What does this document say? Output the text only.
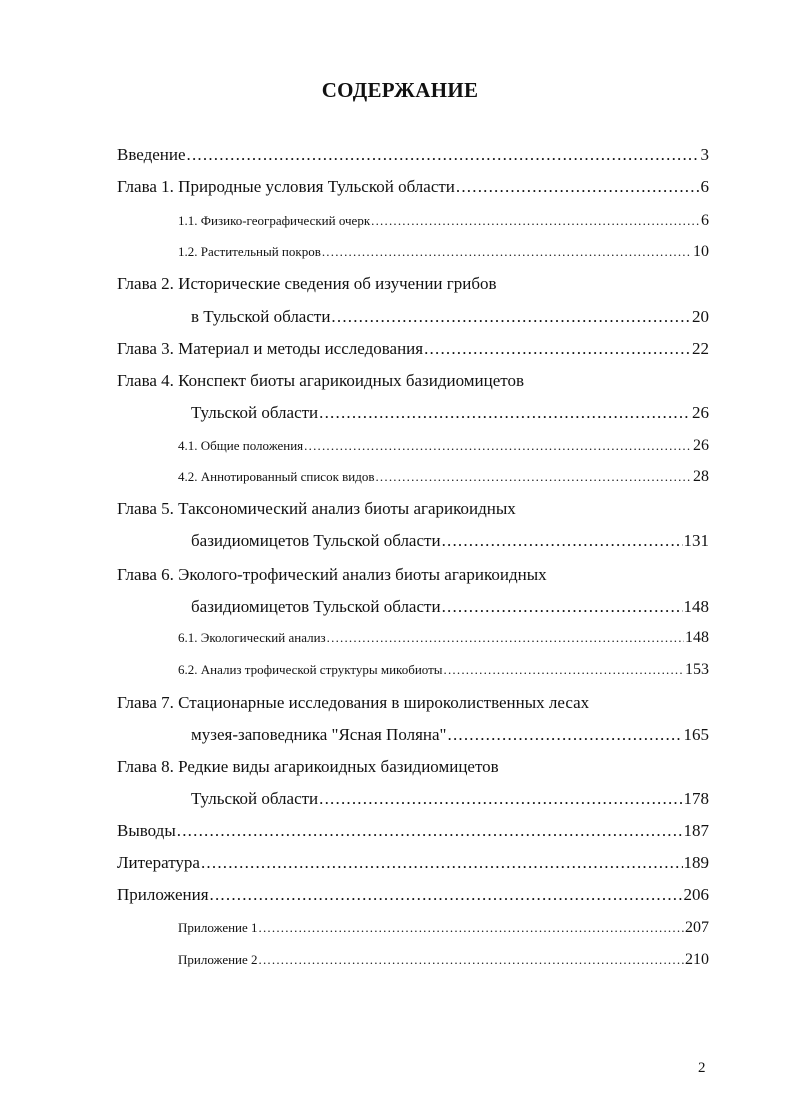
СОДЕРЖАНИЕ
Введение .....	3
Глава 1. Природные условия Тульской области .....	6
1.1. Физико-географический очерк .....	6
1.2. Растительный покров .....	10
Глава 2. Исторические сведения об изучении грибов
в Тульской области .....	20
Глава 3. Материал и методы исследования .....	22
Глава 4. Конспект биоты агарикоидных базидиомицетов
Тульской области .....	26
4.1. Общие положения .....	26
4.2. Аннотированный список видов .....	28
Глава 5. Таксономический анализ биоты агарикоидных
базидиомицетов Тульской области .....	131
Глава 6. Эколого-трофический анализ биоты агарикоидных
базидиомицетов Тульской области .....	148
6.1. Экологический анализ .....	148
6.2. Анализ трофической структуры микобиоты .....	153
Глава 7. Стационарные исследования в широколиственных лесах
музея-заповедника "Ясная Поляна" .....	165
Глава 8. Редкие виды агарикоидных базидиомицетов
Тульской области .....	178
Выводы .....	187
Литература .....	189
Приложения .....	206
Приложение 1 .....	207
Приложение 2 .....	210
2
